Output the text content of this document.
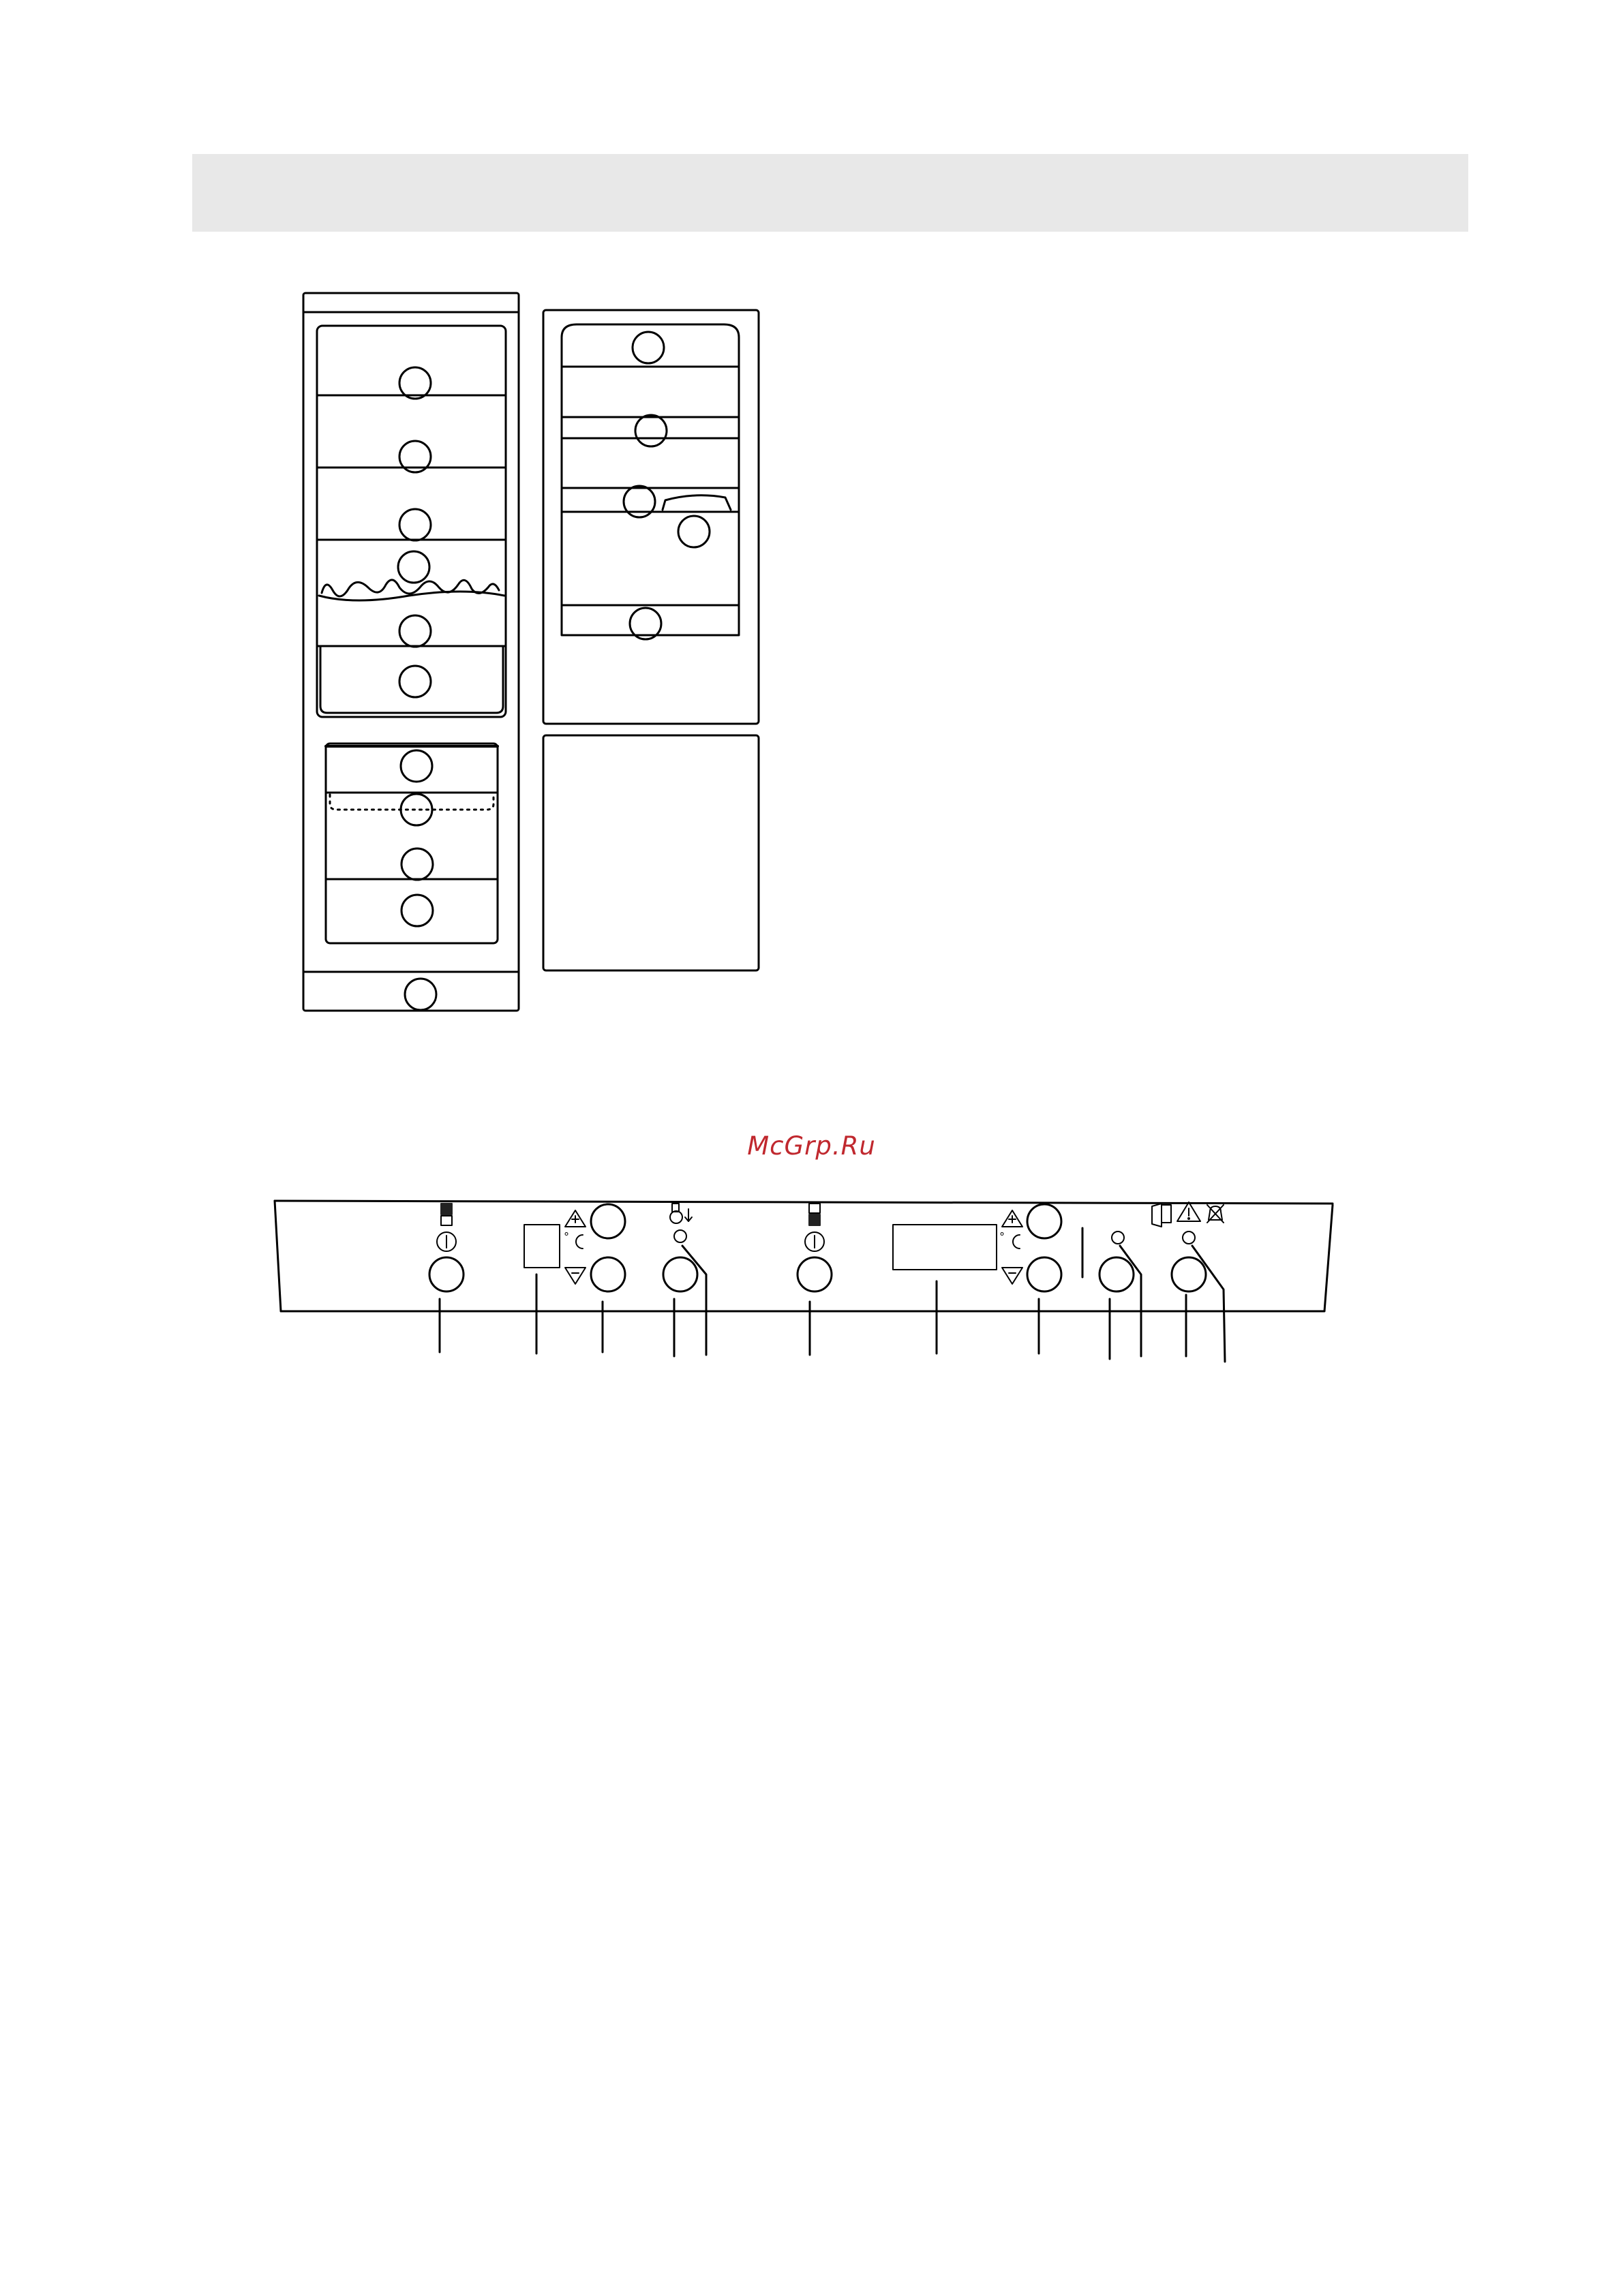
°	°
McGrp.Ru
